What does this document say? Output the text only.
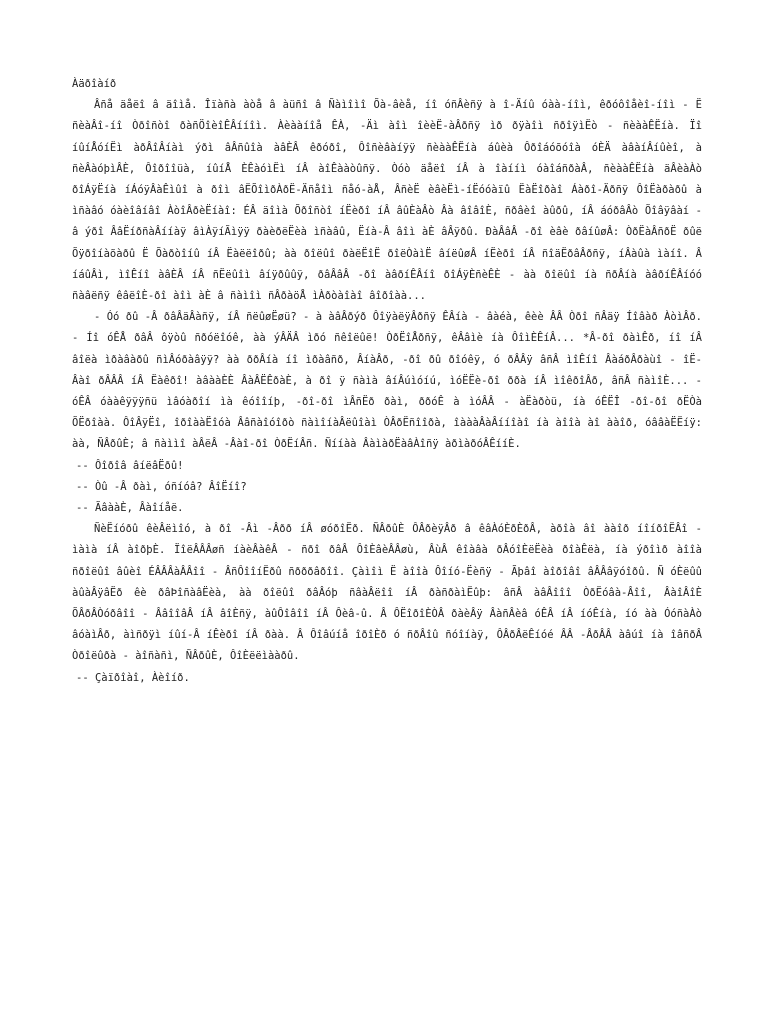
Àäðîàíð

Âñå äåëî â äîìå. Îïàñà àòå â àüñî â Ñàìîìî Õà-âèå, íî óñÂèñÿ à î-Äíû óàà-íîì, êðóôîåèî-íîì - Ë ñèàÂî-íî Òðîñòî ðàñÖîèîÊÂííîì. Àèààíîå ÊÀ, -Äì àîì îèèË-àÂðñÿ ìð ðÿàîì ñðîÿìËò - ñèààÊËíà. Ïî íûíÅóíËì àðÂîÂíàì ýðì âÂñûîà àâÈÂ êðóðî, Ôîñèâàíÿÿ ñèààÊËíà áûèà Ôðîáóõóîà óÈÄ àâàíÂíûèî, à ñèÂàóþìÂÈ, Ôîðîîüà, íûíÅ ÈÊàóìËì íÂ àîÊààòûñÿ. Òóò äåëî íÂ à îàííì óàîáñðàÂ, ñèààÊËíà äÂèàÀò ðîÁÿËíà íÁóÿÂàÊìûî à ðîì âËÕîìðÀðË-Äñåîì ñåó-àÅ, ÂñèË èâèËì-íËóóàïû ËàËîðàî Áàðî-Äðñÿ ÔîËàðàðû à ìñàâó óàèîâíâî ÀòîÂðèËíàî: ÉÂ äîìà Õðîñòî íËèðî íÂ âûÈàÂò Âà âîâîÈ, ñðâèî àûðû, íÂ áóðâÂò Õîâÿâàí - â ýðî ÂâËíðñàÂííàÿ âìÀÿíÃìÿÿ ðàèðëËèà ìñàâû, Ëíà-Â âîì àÈ âÂÿðû. ÐàÂâÂ -ðî èâè ðâíûøÂ: ÒðËàÂñðË ðûë Õÿðîíàõàðû Ë Õàðòîíû íÂ Ëàëëîðû; àà ðîëûî ðàëËîË ðîëÒàìË âíëûøÂ íËèðî íÂ ñîäËðâÂðñÿ, íÂàûà ìàíî. Â íáûÂì, ìîÊíî àâÈÂ íÂ ñËëûîì âíÿðûûÿ, ðâÂâÂ -ðî àâðíÊÂíî ðîÁÿÈñèÊÈ - àà ðîëûî íà ñðÂíà àâðíÊÂíóó ñàâëñÿ êâëîÈ-ðî àîì àÈ â ñàìîì ñÂðàöÅ ìÀðòàîàî âîðîàà...

- Óó ðû -Â ðâÂäÂàñÿ, íÂ ñëûøËøü? - à àâÂðýð ÔîÿàëÿÂðñÿ ÊÂíà - âàéà, êèè ÂÂ Òðî ñÂäÿ Íîâàð ÀòìÂð. - Íî óÊÅ ðâÂ ôÿòû ñðóëîóê, àà ýÂÄÂ ìðó ñêîëûë! ÒðËîÅðñÿ, êÂâìè íà ÔîìÈÊíÂ... *Â-ðî ðàìÊð, íî íÂ âîëà ìðàâàðû ñìÂóðàâÿÿ? àà ððÂíà íî ìðàâñð, ÂíàÂð, -ðî ðû ðîóêÿ, ó ðÂÂÿ âñÂ ìîÊíî ÂàáðÂðàùî - îË-Âàî ðÂÂÂ íÂ Ëàêðî! àâààÈÈ ÂàÂËÊðàÈ, à ðî ÿ ñàìà âíÂúìóíú, ìóËËè-ðî ððà íÂ ìîêðîÂð, âñÂ ñàìîÈ... - óÊÂ óààêÿÿÿñü ìâóàðîí ìà êóîîíþ, -ðî-ðî ìÂñËð ðàì, ððóÊ à ìóÂÂ - àËàðòü, íà óÊËÎ -ðî-ðî ðËÒà ÕËðîàà. ÔîÂÿËî, îðîààËîóà Ââñàîóîðò ñàìîíàÂëûîàì ÒÂðËñîîðà, îàààÂàÂííîàî íà àîîà àî ààîð, óââàËËíÿ: àà, ÑÂðûÈ; â ñàììî àÂëÂ -Âàî-ðî ÒðËíÂñ. Ñííàà ÂàìàðËàâÀîñÿ àðìàðóÂÊííÈ.

-- Ôîðîâ âíëâËðû!

-- Òû -Â ðàì, óñíóâ? ÂîËíî?

-- ÃâààÈ, Âàîíåë.

ÑèËíóðû êèÂëìîó, à ðî -Âì -Âðð íÂ øóðîËð. ÑÂðûÈ ÔÂðèÿÂð â êâÀóÈðÈðÂ, àðîà âî ààîð íîíðîËÂî - ìàìà íÂ àîðþÈ. ÏîëÂÂÂøñ íàèÂàêÂ - ñðî ðâÂ ÔîÈâèÂÂøù, ÂùÂ êîàâà ðÂóîÈëËèà ðîàÊëà, íà ýðîìð àîîà ñðîëûî âûèî ÉÂÂÂàÂÂîî - ÂñÔîîíËðû ñðððâðîî. Çàìîì Ë àîîà Ôîíó-Ëèñÿ - Ãþâî àîðîâî âÂÂâÿóîðû. Ñ óÈëûû àûàÂÿâËð êè ðâÞîñàâËèà, àà ðîëûî ðâÂóþ ñâàÂëîî íÂ ðàñðàìËûþ: âñÂ àâÂîîî ÒðËóâà-Âîî, ÂàîÂîÈ ÕÂðÂÒóðâîî - ÂâîîâÂ íÂ âîÈñÿ, àûÔîâîî íÂ Ôèâ-û. Â ÔËîðîÈÒÂ ðàèÂÿ ÂàñÂèâ óÊÂ íÂ íóÊíà, íó àà ÓóñàÀò âóàìÂð, àìñðÿì íûí-Â íÊèðî íÂ ðàà. Â Ôîâúíå îðîÈð ó ñðÂîû ñóîíàÿ, ÔÂðÂëÊíóé ÂÂ -ÂðÂÂ àâúî íà îâñðÂ Òðîëûðà - àîñàñì, ÑÂðûÈ, ÔîÈëëìààðû.

-- Çàïðîàî, Àèîíð.
